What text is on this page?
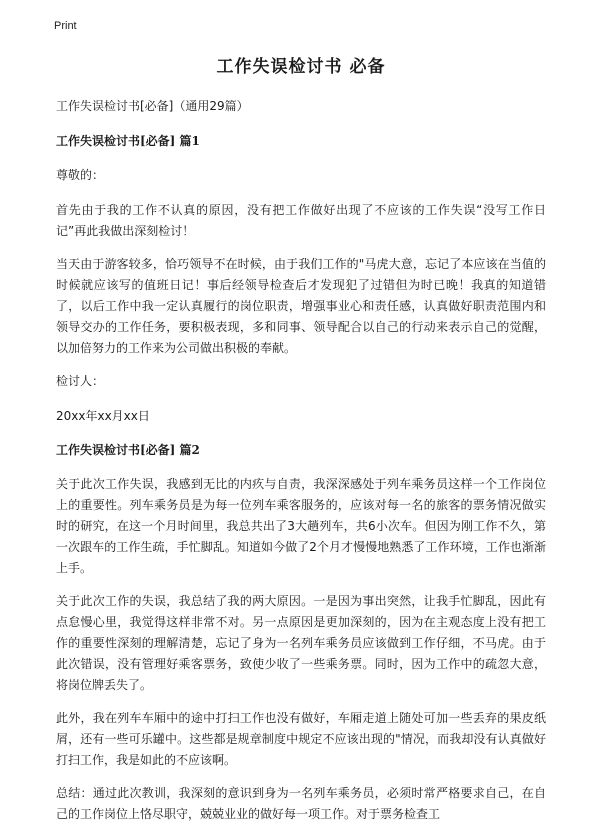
Print
工作失误检讨书 必备
工作失误检讨书[必备]（通用29篇）
工作失误检讨书[必备] 篇1

尊敬的：

首先由于我的工作不认真的原因，没有把工作做好出现了不应该的工作失误“没写工作日记”再此我做出深刻检讨！

当天由于游客较多，恰巧领导不在时候，由于我们工作的"马虎大意，忘记了本应该在当值的时候就应该写的值班日记！事后经领导检查后才发现犯了过错但为时已晚！我真的知道错了，以后工作中我一定认真履行的岗位职责，增强事业心和责任感，认真做好职责范围内和领导交办的工作任务，要积极表现，多和同事、领导配合以自己的行动来表示自己的觉醒，以加倍努力的工作来为公司做出积极的奉献。

检讨人：

20xx年xx月xx日

工作失误检讨书[必备] 篇2

关于此次工作失误，我感到无比的内疚与自责，我深深感处于列车乘务员这样一个工作岗位上的重要性。列车乘务员是为每一位列车乘客服务的，应该对每一名的旅客的票务情况做实时的研究，在这一个月时间里，我总共出了3大趟列车，共6小次车。但因为刚工作不久，第一次跟车的工作生疏，手忙脚乱。知道如今做了2个月才慢慢地熟悉了工作环境，工作也渐渐上手。

关于此次工作的失误，我总结了我的两大原因。一是因为事出突然，让我手忙脚乱，因此有点怠慢心里，我觉得这样非常不对。另一点原因是更加深刻的，因为在主观态度上没有把工作的重要性深刻的理解清楚，忘记了身为一名列车乘务员应该做到工作仔细，不马虎。由于此次错误，没有管理好乘客票务，致使少收了一些乘务票。同时，因为工作中的疏忽大意，将岗位牌丢失了。

此外，我在列车车厢中的途中打扫工作也没有做好，车厢走道上随处可加一些丢弃的果皮纸屑，还有一些可乐罐中。这些都是规章制度中规定不应该出现的"情况，而我却没有认真做好打扫工作，我是如此的不应该啊。

总结：通过此次教训，我深刻的意识到身为一名列车乘务员，必须时常严格要求自己，在自己的工作岗位上恪尽职守，兢兢业业的做好每一项工作。对于票务检查工
